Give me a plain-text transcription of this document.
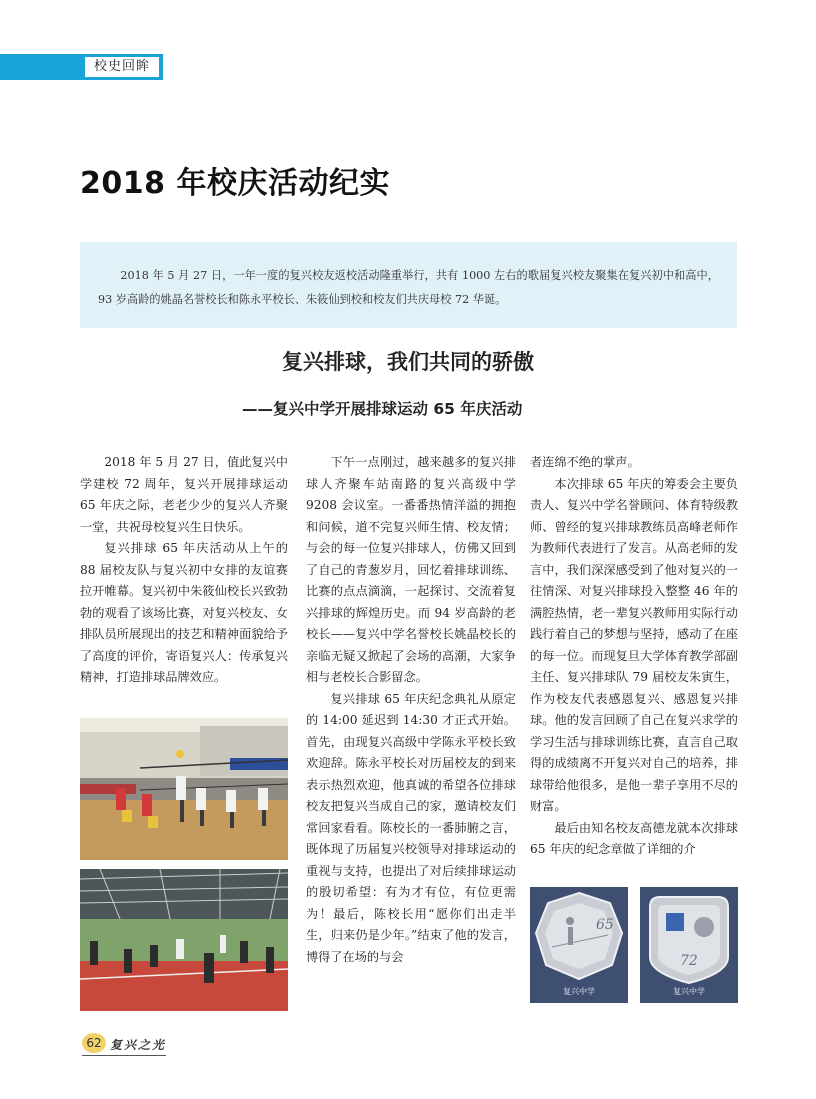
校史回眸
2018 年校庆活动纪实

2018 年 5 月 27 日，一年一度的复兴校友返校活动隆重举行，共有 1000 左右的歌届复兴校友聚集在复兴初中和高中， 93 岁高龄的姚晶名誉校长和陈永平校长、朱筱仙到校和校友们共庆母校 72 华诞。

复兴排球，我们共同的骄傲
——复兴中学开展排球运动 65 年庆活动

2018 年 5 月 27 日，值此复兴中学建校 72 周年，复兴开展排球运动 65 年庆之际，老老少少的复兴人齐聚一堂，共祝母校复兴生日快乐。

复兴排球 65 年庆活动从上午的 88 届校友队与复兴初中女排的友谊赛拉开帷幕。复兴初中朱筱仙校长兴致勃勃的观看了该场比赛，对复兴校友、女排队员所展现出的技艺和精神面貌给予了高度的评价，寄语复兴人：传承复兴精神，打造排球品牌效应。

下午一点刚过，越来越多的复兴排球人齐聚车站南路的复兴高级中学 9208 会议室。一番番热情洋溢的拥抱和问候，道不完复兴师生情、校友情；与会的每一位复兴排球人，仿佛又回到了自己的青葱岁月，回忆着排球训练、比赛的点点滴滴，一起探讨、交流着复兴排球的辉煌历史。而 94 岁高龄的老校长——复兴中学名誉校长姚晶校长的亲临无疑又掀起了会场的高潮，大家争相与老校长合影留念。

复兴排球 65 年庆纪念典礼从原定的 14:00 延迟到 14:30 才正式开始。首先，由现复兴高级中学陈永平校长致欢迎辞。陈永平校长对历届校友的到来表示热烈欢迎，他真诚的希望各位排球校友把复兴当成自己的家，邀请校友们常回家看看。陈校长的一番肺腑之言，既体现了历届复兴校领导对排球运动的重视与支持，也提出了对后续排球运动的殷切希望：有为才有位，有位更需为！最后，陈校长用“愿你们出走半生，归来仍是少年。”结束了他的发言，博得了在场的与会

者连绵不绝的掌声。

本次排球 65 年庆的筹委会主要负责人、复兴中学名誉顾问、体育特级教师、曾经的复兴排球教练员高峰老师作为教师代表进行了发言。从高老师的发言中，我们深深感受到了他对复兴的一往情深、对复兴排球投入整整 46 年的满腔热情，老一辈复兴教师用实际行动践行着自己的梦想与坚持，感动了在座的每一位。而现复旦大学体育教学部副主任、复兴排球队 79 届校友朱寅生，作为校友代表感恩复兴、感恩复兴排球。他的发言回顾了自己在复兴求学的学习生活与排球训练比赛，直言自己取得的成绩离不开复兴对自己的培养，排球带给他很多，是他一辈子享用不尽的财富。

最后由知名校友高德龙就本次排球 65 年庆的纪念章做了详细的介

65
复兴中学
72
复兴中学
62 复兴之光
